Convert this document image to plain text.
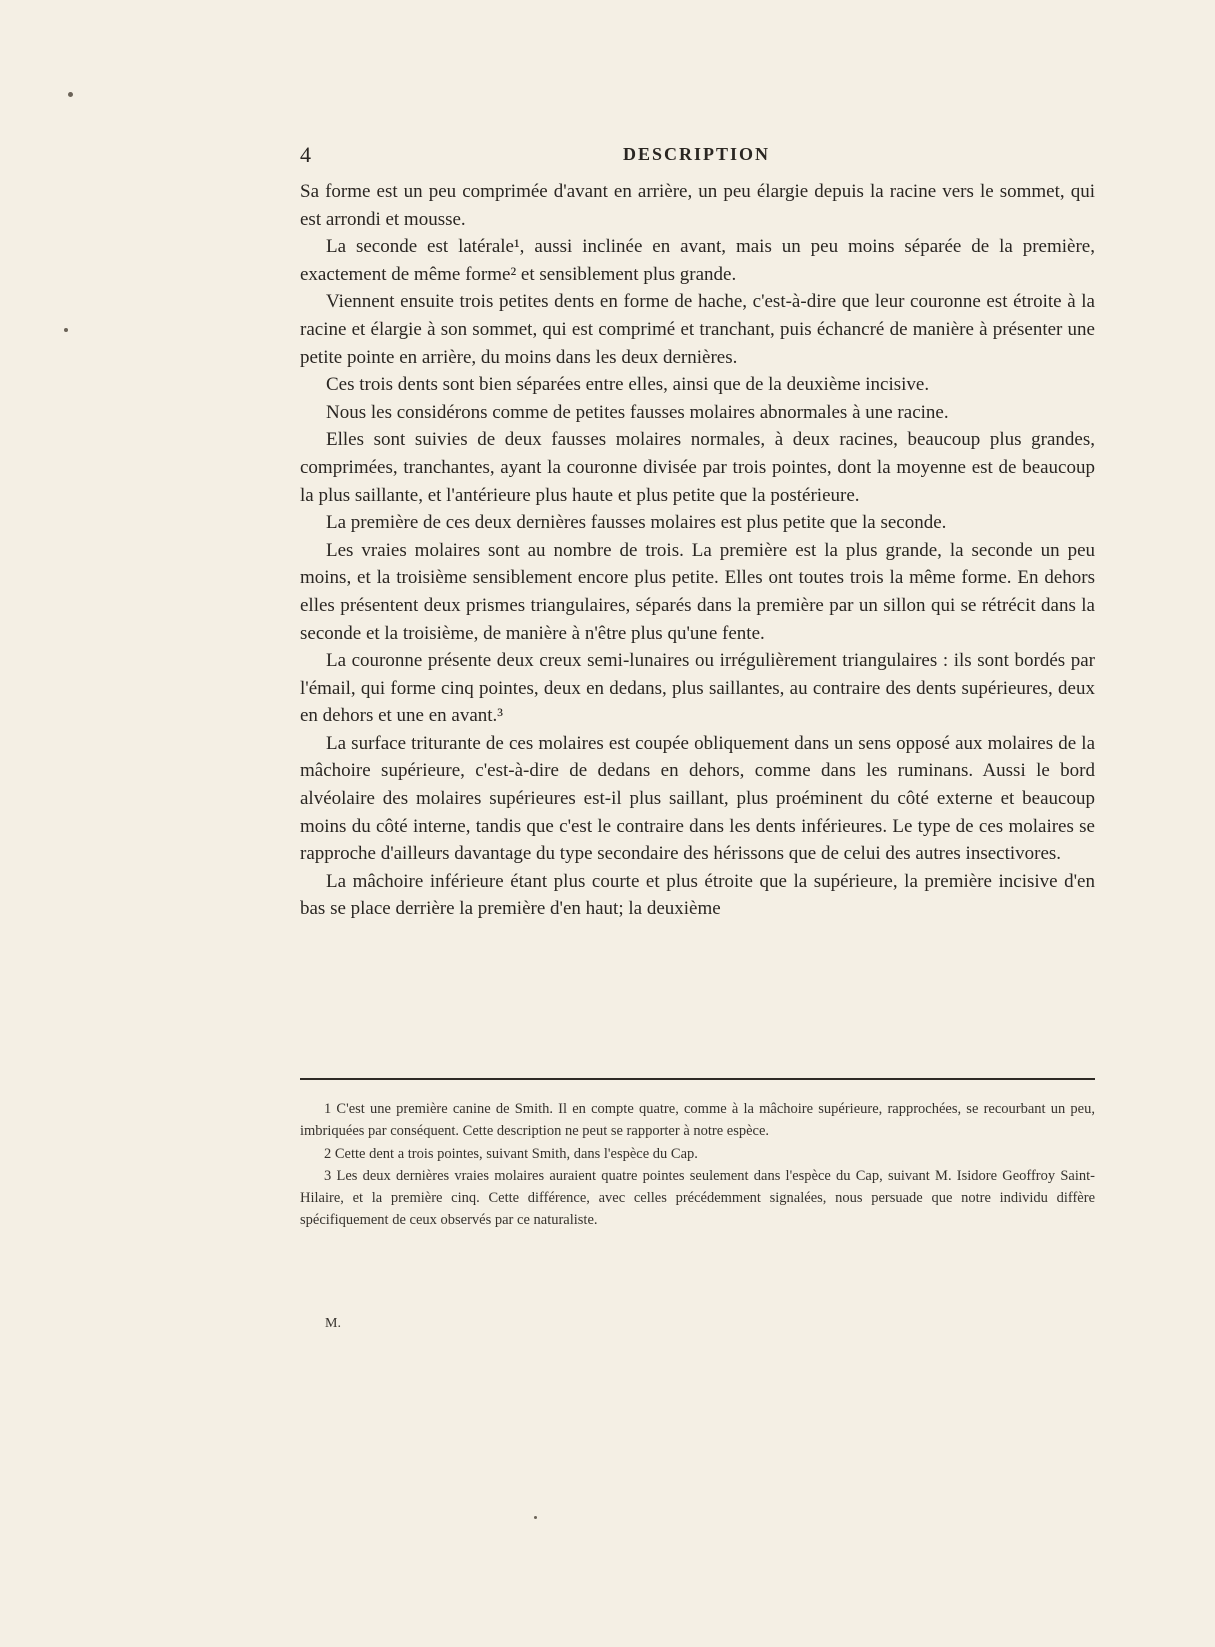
4	DESCRIPTION

Sa forme est un peu comprimée d'avant en arrière, un peu élargie depuis la racine vers le sommet, qui est arrondi et mousse.

La seconde est latérale¹, aussi inclinée en avant, mais un peu moins séparée de la première, exactement de même forme² et sensiblement plus grande.

Viennent ensuite trois petites dents en forme de hache, c'est-à-dire que leur couronne est étroite à la racine et élargie à son sommet, qui est comprimé et tranchant, puis échancré de manière à présenter une petite pointe en arrière, du moins dans les deux dernières.

Ces trois dents sont bien séparées entre elles, ainsi que de la deuxième incisive.

Nous les considérons comme de petites fausses molaires abnormales à une racine.

Elles sont suivies de deux fausses molaires normales, à deux racines, beaucoup plus grandes, comprimées, tranchantes, ayant la couronne divisée par trois pointes, dont la moyenne est de beaucoup la plus saillante, et l'antérieure plus haute et plus petite que la postérieure.

La première de ces deux dernières fausses molaires est plus petite que la seconde.

Les vraies molaires sont au nombre de trois. La première est la plus grande, la seconde un peu moins, et la troisième sensiblement encore plus petite. Elles ont toutes trois la même forme. En dehors elles présentent deux prismes triangulaires, séparés dans la première par un sillon qui se rétrécit dans la seconde et la troisième, de manière à n'être plus qu'une fente.

La couronne présente deux creux semi-lunaires ou irrégulièrement triangulaires : ils sont bordés par l'émail, qui forme cinq pointes, deux en dedans, plus saillantes, au contraire des dents supérieures, deux en dehors et une en avant.³

La surface triturante de ces molaires est coupée obliquement dans un sens opposé aux molaires de la mâchoire supérieure, c'est-à-dire de dedans en dehors, comme dans les ruminans. Aussi le bord alvéolaire des molaires supérieures est-il plus saillant, plus proéminent du côté externe et beaucoup moins du côté interne, tandis que c'est le contraire dans les dents inférieures. Le type de ces molaires se rapproche d'ailleurs davantage du type secondaire des hérissons que de celui des autres insectivores.

La mâchoire inférieure étant plus courte et plus étroite que la supérieure, la première incisive d'en bas se place derrière la première d'en haut; la deuxième

1 C'est une première canine de Smith. Il en compte quatre, comme à la mâchoire supérieure, rapprochées, se recourbant un peu, imbriquées par conséquent. Cette description ne peut se rapporter à notre espèce.

2 Cette dent a trois pointes, suivant Smith, dans l'espèce du Cap.

3 Les deux dernières vraies molaires auraient quatre pointes seulement dans l'espèce du Cap, suivant M. Isidore Geoffroy Saint-Hilaire, et la première cinq. Cette différence, avec celles précédemment signalées, nous persuade que notre individu diffère spécifiquement de ceux observés par ce naturaliste.

M.
